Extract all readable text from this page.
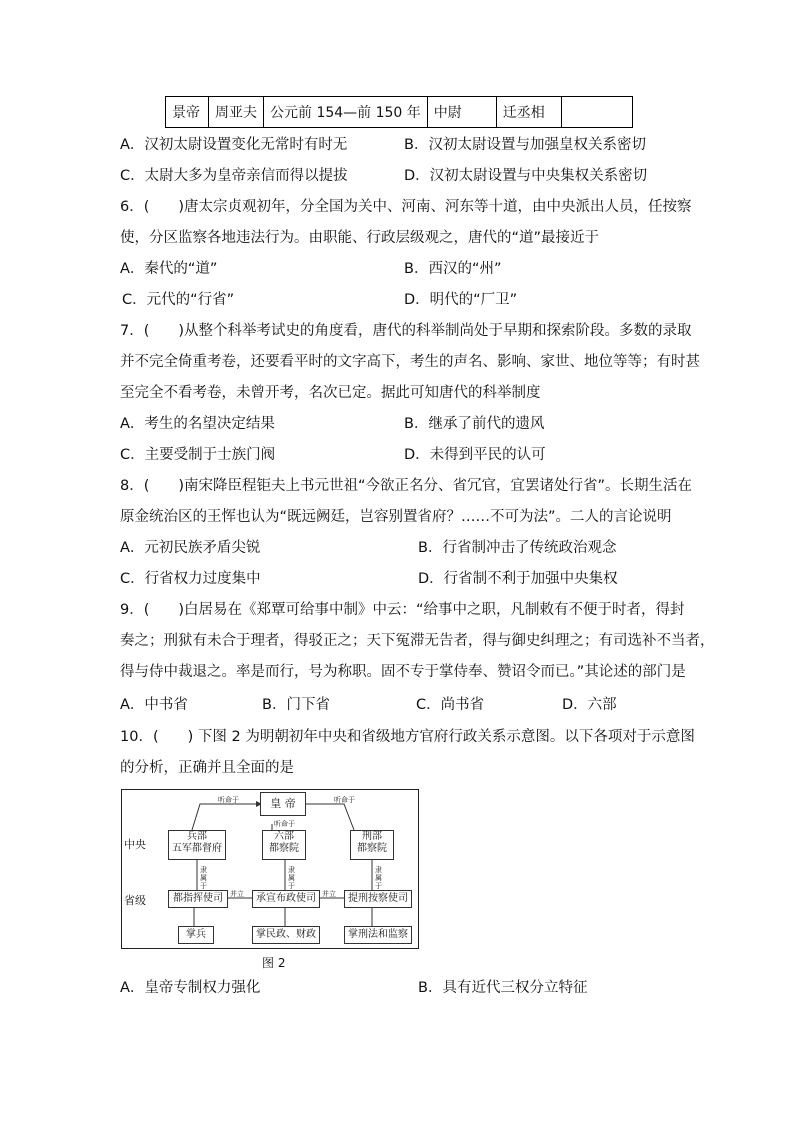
景帝	周亚夫	公元前 154—前 150 年	中尉	迁丞相	
A．汉初太尉设置变化无常时有时无	B．汉初太尉设置与加强皇权关系密切
C．太尉大多为皇帝亲信而得以提拔	D．汉初太尉设置与中央集权关系密切
6．(　　)唐太宗贞观初年，分全国为关中、河南、河东等十道，由中央派出人员，任按察
使，分区监察各地违法行为。由职能、行政层级观之，唐代的“道”最接近于
A．秦代的“道”	B．西汉的“州”
C．元代的“行省”	D．明代的“厂卫”
7．(　　)从整个科举考试史的角度看，唐代的科举制尚处于早期和探索阶段。多数的录取
并不完全倚重考卷，还要看平时的文字高下，考生的声名、影响、家世、地位等等；有时甚
至完全不看考卷，未曾开考，名次已定。据此可知唐代的科举制度
A．考生的名望决定结果	B．继承了前代的遗风
C．主要受制于士族门阀	D．未得到平民的认可
8．(　　)南宋降臣程钜夫上书元世祖“今欲正名分、省冗官，宜罢诸处行省”。长期生活在
原金统治区的王恽也认为“既远阙廷，岂容别置省府？……不可为法”。二人的言论说明
A．元初民族矛盾尖锐	B．行省制冲击了传统政治观念
C．行省权力过度集中	D．行省制不利于加强中央集权
9．(　　)白居易在《郑覃可给事中制》中云：“给事中之职，凡制敕有不便于时者，得封
奏之；刑狱有未合于理者，得驳正之；天下冤滞无告者，得与御史纠理之；有司选补不当者，
得与侍中裁退之。率是而行，号为称职。固不专于掌侍奉、赞诏令而已。”其论述的部门是
A．中书省	B．门下省	C．尚书省	D．六部
10．(　　) 下图 2 为明朝初年中央和省级地方官府行政关系示意图。以下各项对于示意图
的分析，正确并且全面的是
皇 帝
中央
省级
兵部
五军都督府
六部
都察院
刑部
都察院
都指挥使司	承宣布政使司	提刑按察使司
掌兵	掌民政、财政	掌刑法和监察
并立	并立
听命于
听命于
听命于
隶属于
隶属于
隶属于
图 2
A．皇帝专制权力强化	B．具有近代三权分立特征
